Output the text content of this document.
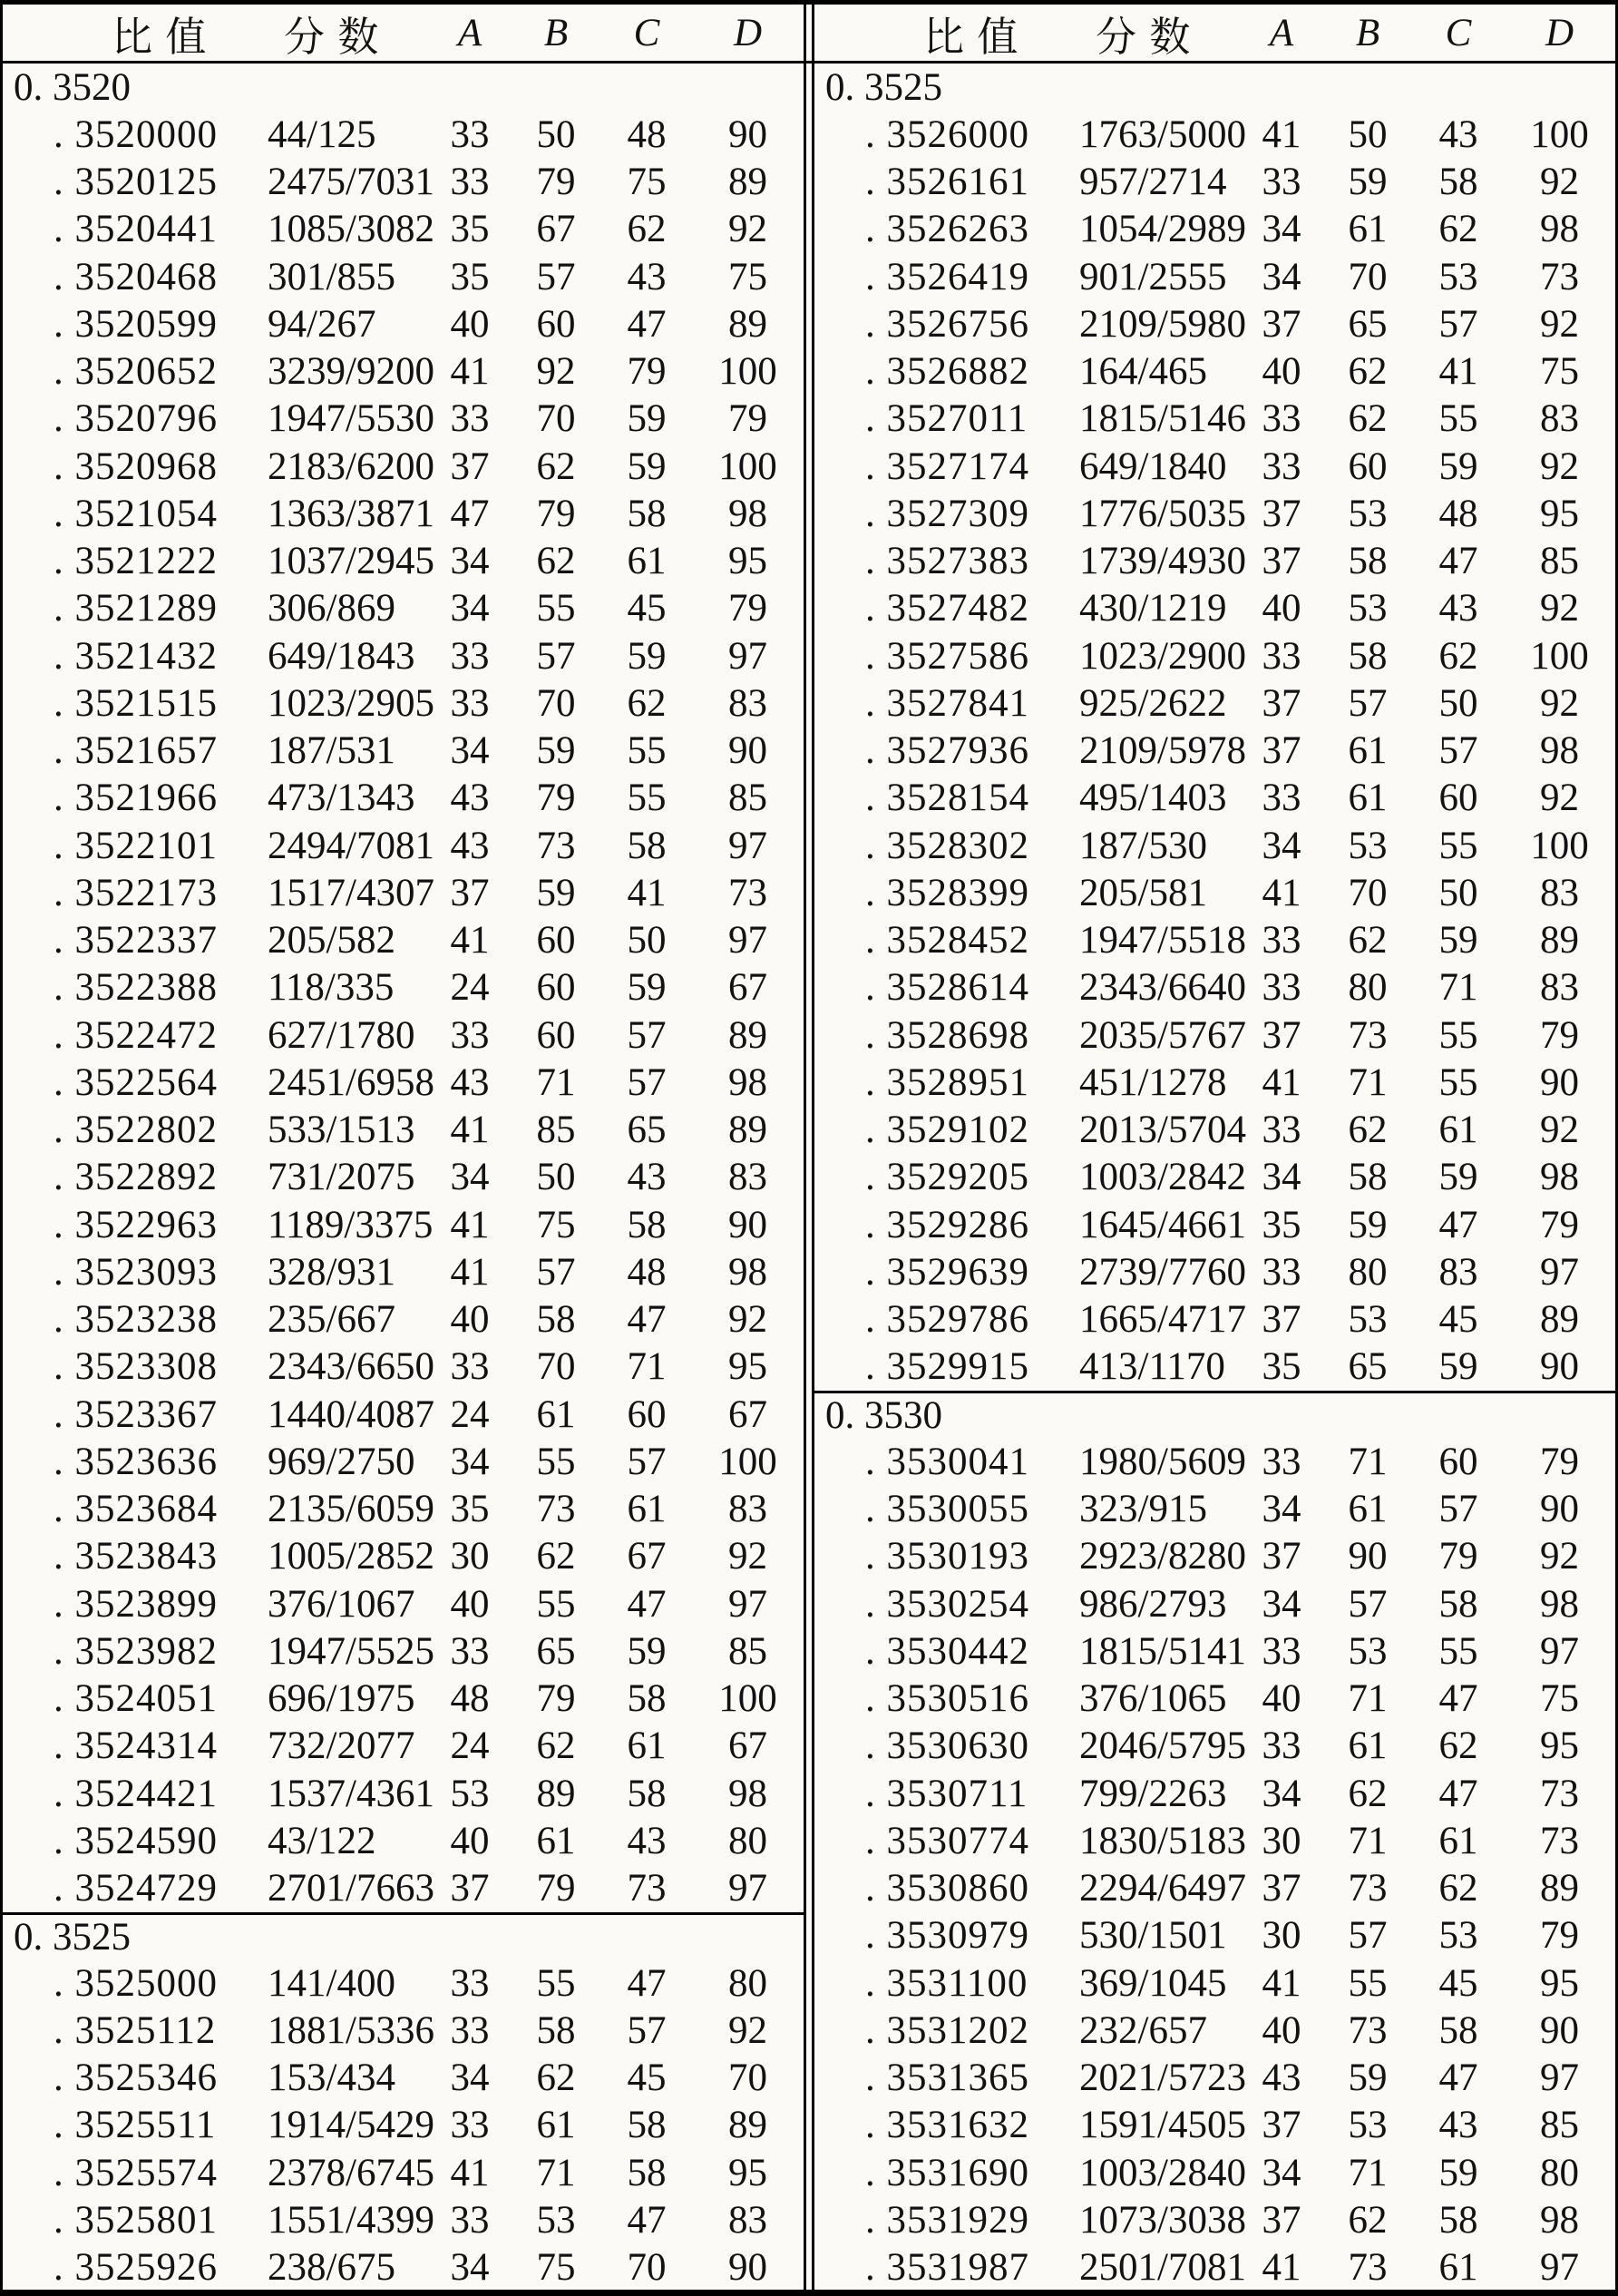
比值	分数	A	B	C	D
0. 3520
. 3520000	44/125	33	50	48	90
. 3520125	2475/7031 33	79	75	89
. 3520441	1085/3082 35	67	62	92
. 3520468	301/855	35	57	43	75
. 3520599	94/267	40	60	47	89
. 3520652	3239/9200 41	92	79	100
. 3520796	1947/5530 33	70	59	79
. 3520968	2183/6200 37	62	59	100
. 3521054	1363/3871 47	79	58	98
. 3521222	1037/2945 34	62	61	95
. 3521289	306/869	34	55	45	79
. 3521432	649/1843 33	57	59	97
. 3521515	1023/2905 33	70	62	83
. 3521657	187/531	34	59	55	90
. 3521966	473/1343 43	79	55	85
. 3522101	2494/7081 43	73	58	97
. 3522173	1517/4307 37	59	41	73
. 3522337	205/582	41	60	50	97
. 3522388	118/335	24	60	59	67
. 3522472	627/1780 33	60	57	89
. 3522564	2451/6958 43	71	57	98
. 3522802	533/1513 41	85	65	89
. 3522892	731/2075 34	50	43	83
. 3522963	1189/3375 41	75	58	90
. 3523093	328/931	41	57	48	98
. 3523238	235/667	40	58	47	92
. 3523308	2343/6650 33	70	71	95
. 3523367	1440/4087 24	61	60	67
. 3523636	969/2750 34	55	57	100
. 3523684	2135/6059 35	73	61	83
. 3523843	1005/2852 30	62	67	92
. 3523899	376/1067 40	55	47	97
. 3523982	1947/5525 33	65	59	85
. 3524051	696/1975 48	79	58	100
. 3524314	732/2077 24	62	61	67
. 3524421	1537/4361 53	89	58	98
. 3524590	43/122	40	61	43	80
. 3524729	2701/7663 37	79	73	97
0. 3525
. 3525000	141/400	33	55	47	80
. 3525112	1881/5336 33	58	57	92
. 3525346	153/434	34	62	45	70
. 3525511	1914/5429 33	61	58	89
. 3525574	2378/6745 41	71	58	95
. 3525801	1551/4399 33	53	47	83
. 3525926	238/675	34	75	70	90
比值	分数	A	B	C	D
0. 3525
. 3526000	1763/5000 41	50	43	100
. 3526161	957/2714 33	59	58	92
. 3526263	1054/2989 34	61	62	98
. 3526419	901/2555 34	70	53	73
. 3526756	2109/5980 37	65	57	92
. 3526882	164/465	40	62	41	75
. 3527011	1815/5146 33	62	55	83
. 3527174	649/1840 33	60	59	92
. 3527309	1776/5035 37	53	48	95
. 3527383	1739/4930 37	58	47	85
. 3527482	430/1219 40	53	43	92
. 3527586	1023/2900 33	58	62	100
. 3527841	925/2622 37	57	50	92
. 3527936	2109/5978 37	61	57	98
. 3528154	495/1403 33	61	60	92
. 3528302	187/530	34	53	55	100
. 3528399	205/581	41	70	50	83
. 3528452	1947/5518 33	62	59	89
. 3528614	2343/6640 33	80	71	83
. 3528698	2035/5767 37	73	55	79
. 3528951	451/1278 41	71	55	90
. 3529102	2013/5704 33	62	61	92
. 3529205	1003/2842 34	58	59	98
. 3529286	1645/4661 35	59	47	79
. 3529639	2739/7760 33	80	83	97
. 3529786	1665/4717 37	53	45	89
. 3529915	413/1170 35	65	59	90
0. 3530
. 3530041	1980/5609 33	71	60	79
. 3530055	323/915	34	61	57	90
. 3530193	2923/8280 37	90	79	92
. 3530254	986/2793 34	57	58	98
. 3530442	1815/5141 33	53	55	97
. 3530516	376/1065 40	71	47	75
. 3530630	2046/5795 33	61	62	95
. 3530711	799/2263 34	62	47	73
. 3530774	1830/5183 30	71	61	73
. 3530860	2294/6497 37	73	62	89
. 3530979	530/1501 30	57	53	79
. 3531100	369/1045 41	55	45	95
. 3531202	232/657	40	73	58	90
. 3531365	2021/5723 43	59	47	97
. 3531632	1591/4505 37	53	43	85
. 3531690	1003/2840 34	71	59	80
. 3531929	1073/3038 37	62	58	98
. 3531987	2501/7081 41	73	61	97
